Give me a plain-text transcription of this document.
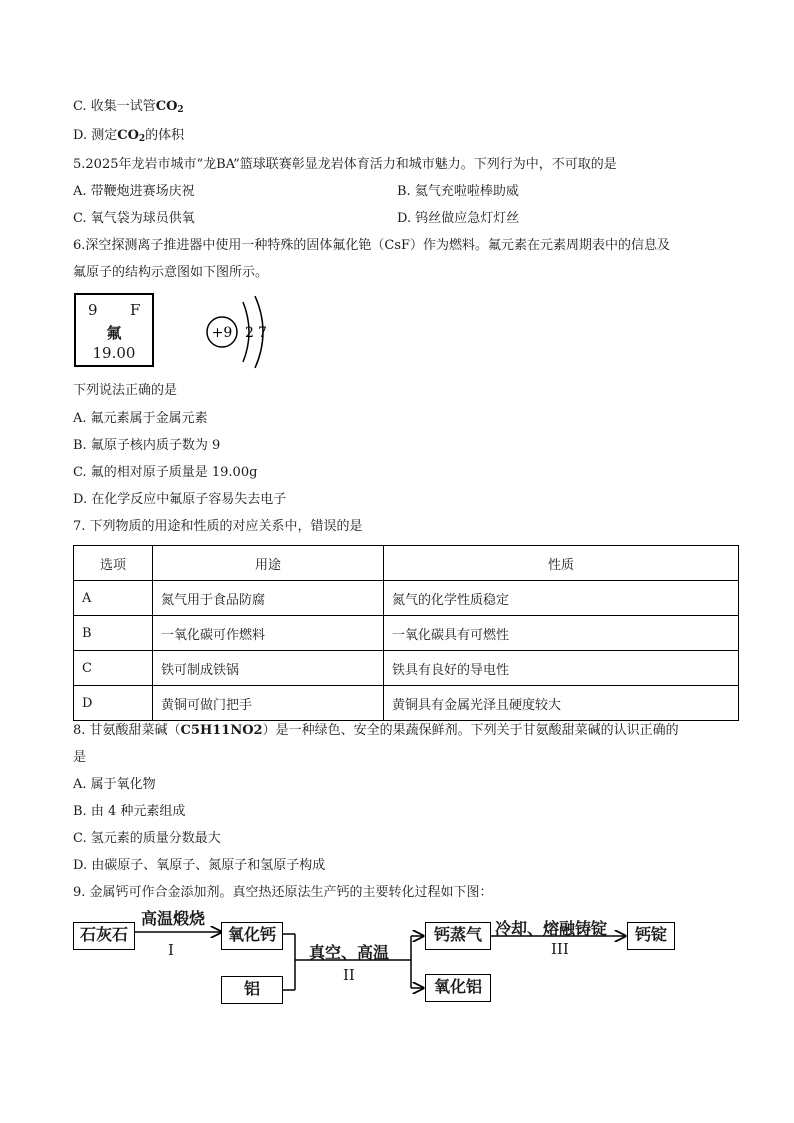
C. 收集一试管$CO_2$
D. 测定$CO_2$的体积
5.2025年龙岩市城市“龙BA”篮球联赛彰显龙岩体育活力和城市魅力。下列行为中，不可取的是
A. 带鞭炮进赛场庆祝	B. 氦气充啦啦棒助威
C. 氧气袋为球员供氧	D. 钨丝做应急灯灯丝
6.深空探测离子推进器中使用一种特殊的固体氟化铯（CsF）作为燃料。氟元素在元素周期表中的信息及
氟原子的结构示意图如下图所示。
9 F
氟
19.00
+9 2 7
下列说法正确的是
A. 氟元素属于金属元素
B. 氟原子核内质子数为 9
C. 氟的相对原子质量是 19.00g
D. 在化学反应中氟原子容易失去电子
7. 下列物质的用途和性质的对应关系中，错误的是
选项	用途	性质
A	氮气用于食品防腐	氮气的化学性质稳定
B	一氧化碳可作燃料	一氧化碳具有可燃性
C	铁可制成铁锅	铁具有良好的导电性
D	黄铜可做门把手	黄铜具有金属光泽且硬度较大
8. 甘氨酸甜菜碱（C5H11NO2）是一种绿色、安全的果蔬保鲜剂。下列关于甘氨酸甜菜碱的认识正确的
是
A. 属于氧化物
B. 由 4 种元素组成
C. 氢元素的质量分数最大
D. 由碳原子、氧原子、氮原子和氢原子构成
9. 金属钙可作合金添加剂。真空热还原法生产钙的主要转化过程如下图：
石灰石
高温煅烧
I
氧化钙
铝
真空、高温
II
钙蒸气
氧化铝
冷却、熔融铸锭
III
钙锭
